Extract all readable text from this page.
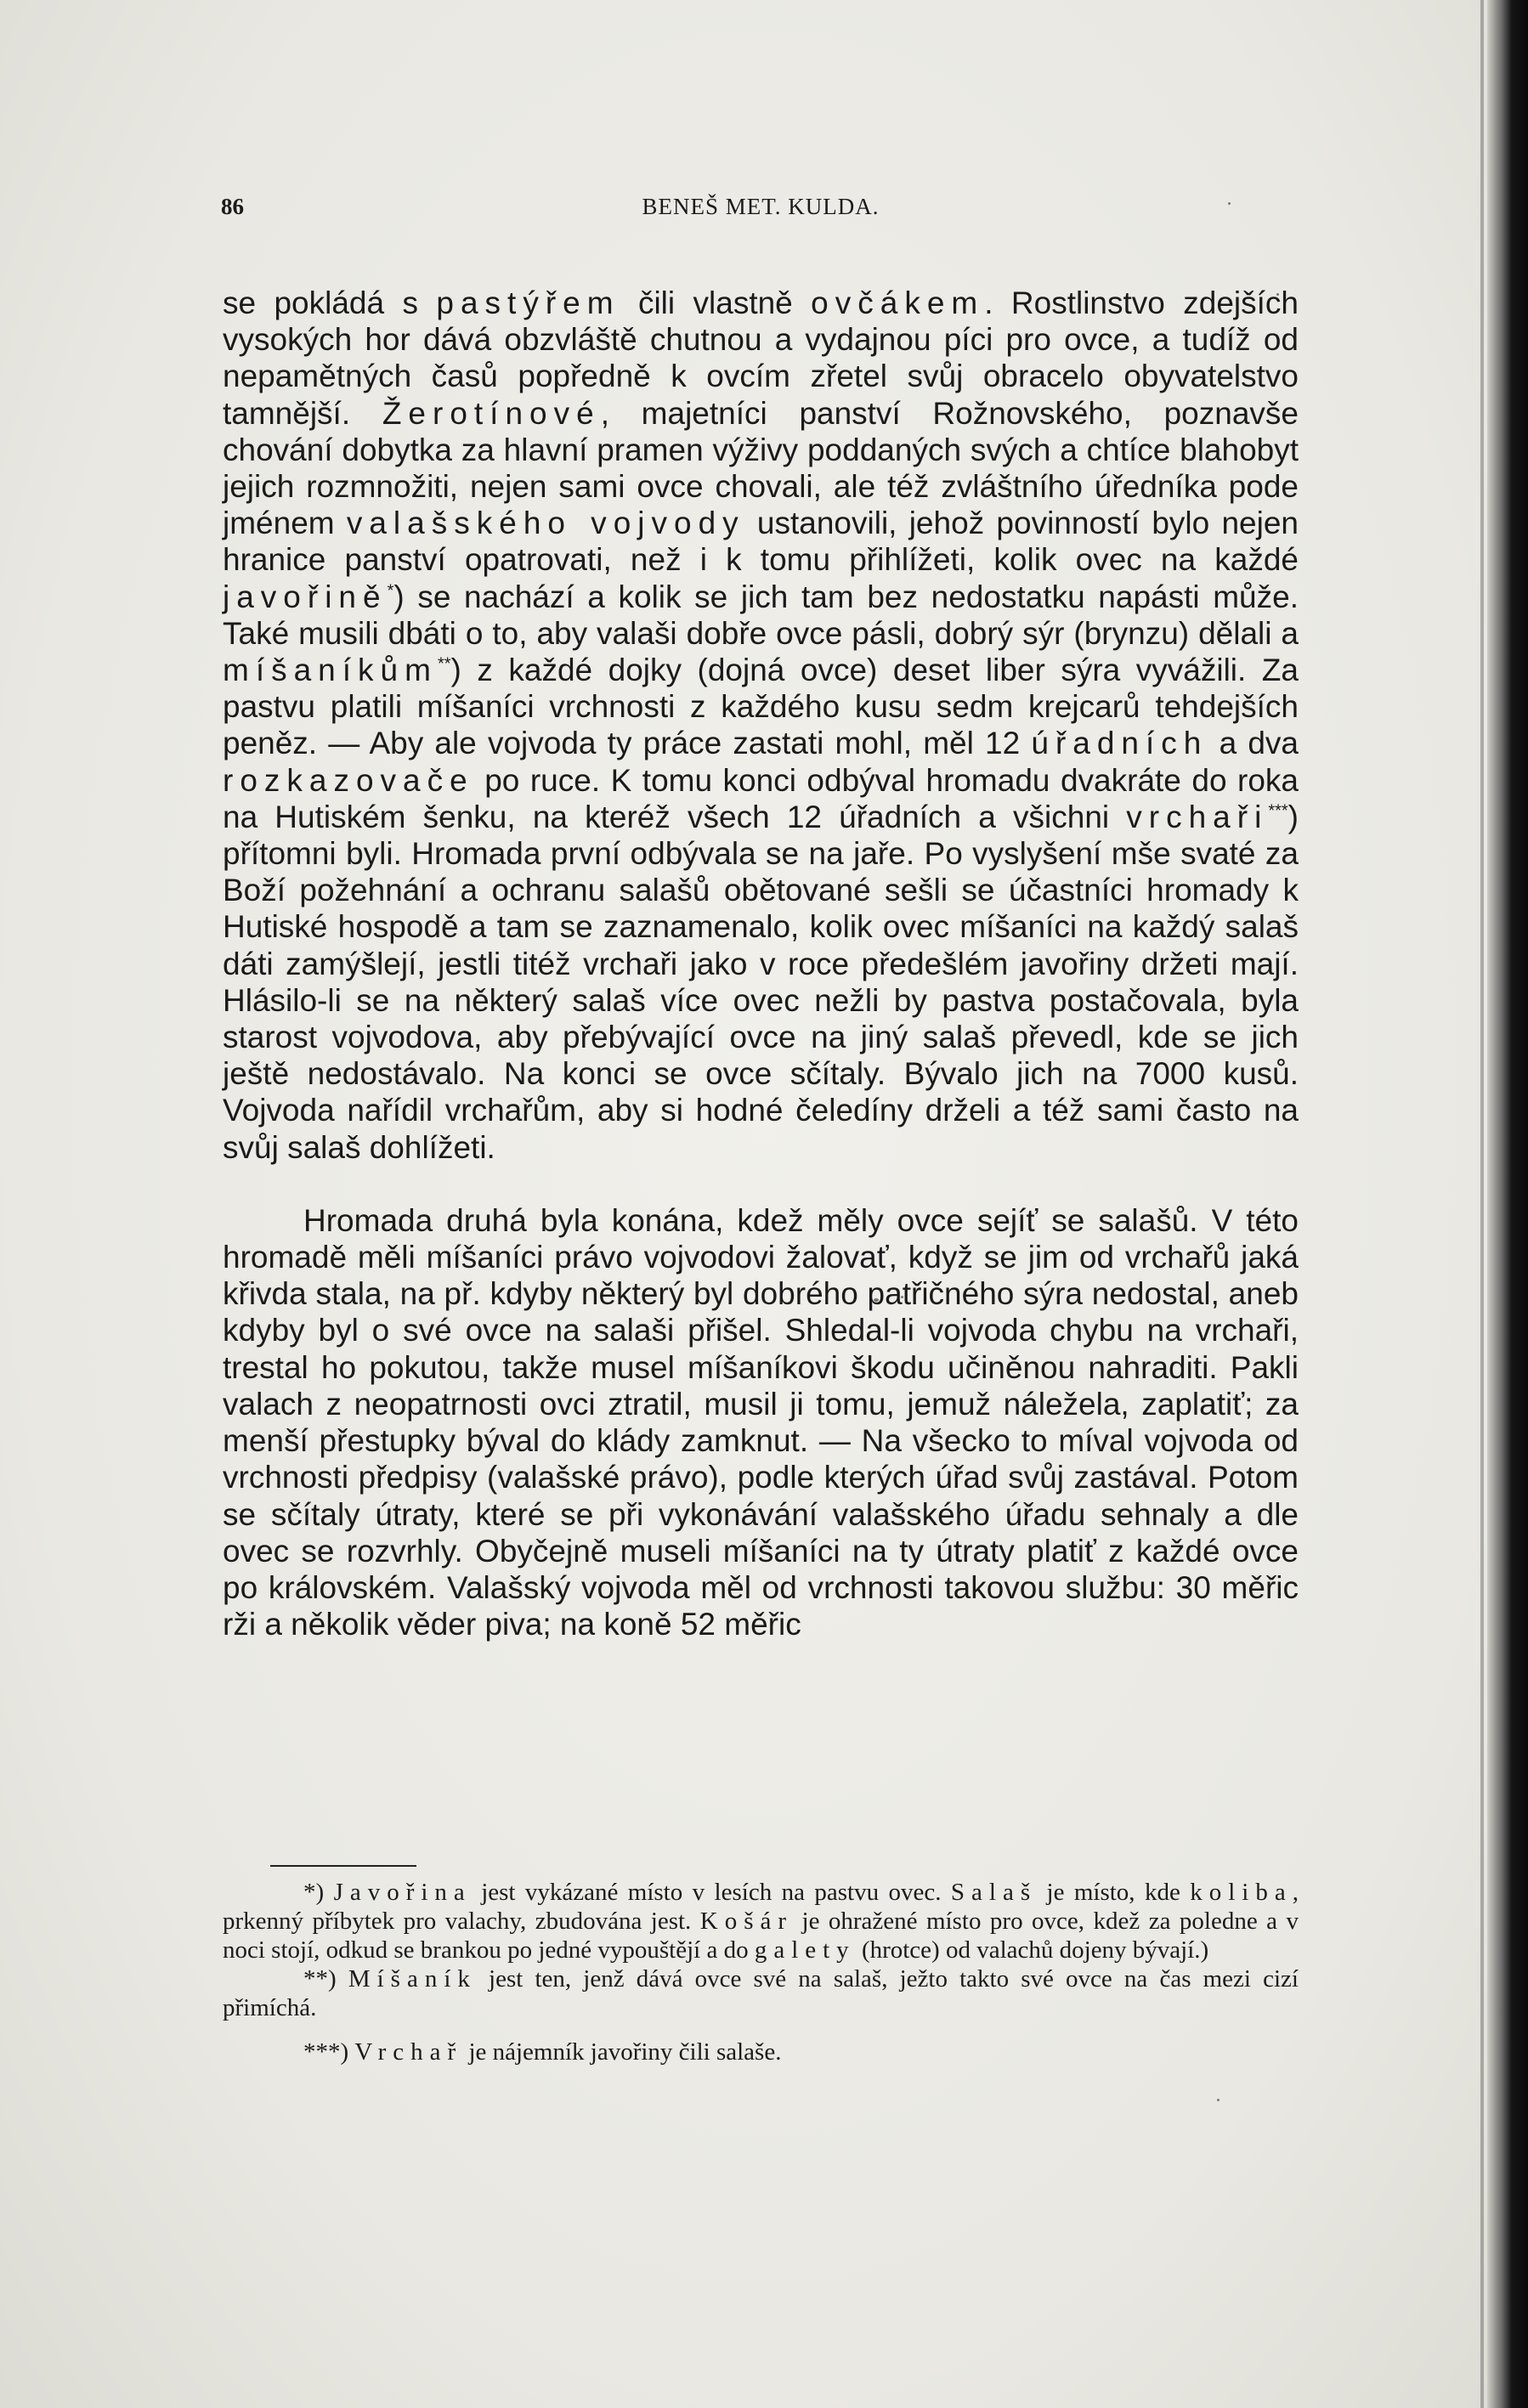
86	BENEŠ MET. KULDA.

se pokládá s pastýřem čili vlastně ovčákem. Rostlinstvo zdejších vysokých hor dává obzvláště chutnou a vydajnou píci pro ovce, a tudíž od nepamětných časů popředně k ovcím zřetel svůj obracelo obyvatelstvo tamnější. Žerotínové, majetníci panství Rožnovského, poznavše chování dobytka za hlavní pramen výživy poddaných svých a chtíce blahobyt jejich rozmnožiti, nejen sami ovce chovali, ale též zvláštního úředníka pode jménem valašského vojvody ustanovili, jehož povinností bylo nejen hranice panství opatrovati, než i k tomu přihlížeti, kolik ovec na každé javořině*) se nachází a kolik se jich tam bez nedostatku napásti může. Také musili dbáti o to, aby valaši dobře ovce pásli, dobrý sýr (brynzu) dělali a míšaníkům**) z každé dojky (dojná ovce) deset liber sýra vyvážili. Za pastvu platili míšaníci vrchnosti z každého kusu sedm krejcarů tehdejších peněz. — Aby ale vojvoda ty práce zastati mohl, měl 12 úřadních a dva rozkazovače po ruce. K tomu konci odbýval hromadu dvakráte do roka na Hutiském šenku, na kteréž všech 12 úřadních a všichni vrchaři***) přítomni byli. Hromada první odbývala se na jaře. Po vyslyšení mše svaté za Boží požehnání a ochranu salašů obětované sešli se účastníci hromady k Hutiské hospodě a tam se zaznamenalo, kolik ovec míšaníci na každý salaš dáti zamýšlejí, jestli titéž vrchaři jako v roce předešlém javořiny držeti mají. Hlásilo-li se na některý salaš více ovec nežli by pastva postačovala, byla starost vojvodova, aby přebývající ovce na jiný salaš převedl, kde se jich ještě nedostávalo. Na konci se ovce sčítaly. Bývalo jich na 7000 kusů. Vojvoda nařídil vrchařům, aby si hodné čeledíny drželi a též sami často na svůj salaš dohlížeti.

Hromada druhá byla konána, kdež měly ovce sejíť se salašů. V této hromadě měli míšaníci právo vojvodovi žalovať, když se jim od vrchařů jaká křivda stala, na př. kdyby některý byl dobrého patřičného sýra nedostal, aneb kdyby byl o své ovce na salaši přišel. Shledal-li vojvoda chybu na vrchaři, trestal ho pokutou, takže musel míšaníkovi škodu učiněnou nahraditi. Pakli valach z neopatrnosti ovci ztratil, musil ji tomu, jemuž náležela, zaplatiť; za menší přestupky býval do klády zamknut. — Na všecko to míval vojvoda od vrchnosti předpisy (valašské právo), podle kterých úřad svůj zastával. Potom se sčítaly útraty, které se při vykonávání valašského úřadu sehnaly a dle ovec se rozvrhly. Obyčejně museli míšaníci na ty útraty platiť z každé ovce po královském. Valašský vojvoda měl od vrchnosti takovou službu: 30 měřic rži a několik věder piva; na koně 52 měřic

*) Javořina jest vykázané místo v lesích na pastvu ovec. Salaš je místo, kde koliba, prkenný příbytek pro valachy, zbudována jest. Košár je ohražené místo pro ovce, kdež za poledne a v noci stojí, odkud se brankou po jedné vypouštějí a do galety (hrotce) od valachů dojeny bývají.)

**) Míšaník jest ten, jenž dává ovce své na salaš, ježto takto své ovce na čas mezi cizí přimíchá.

***) Vrchař je nájemník javořiny čili salaše.
